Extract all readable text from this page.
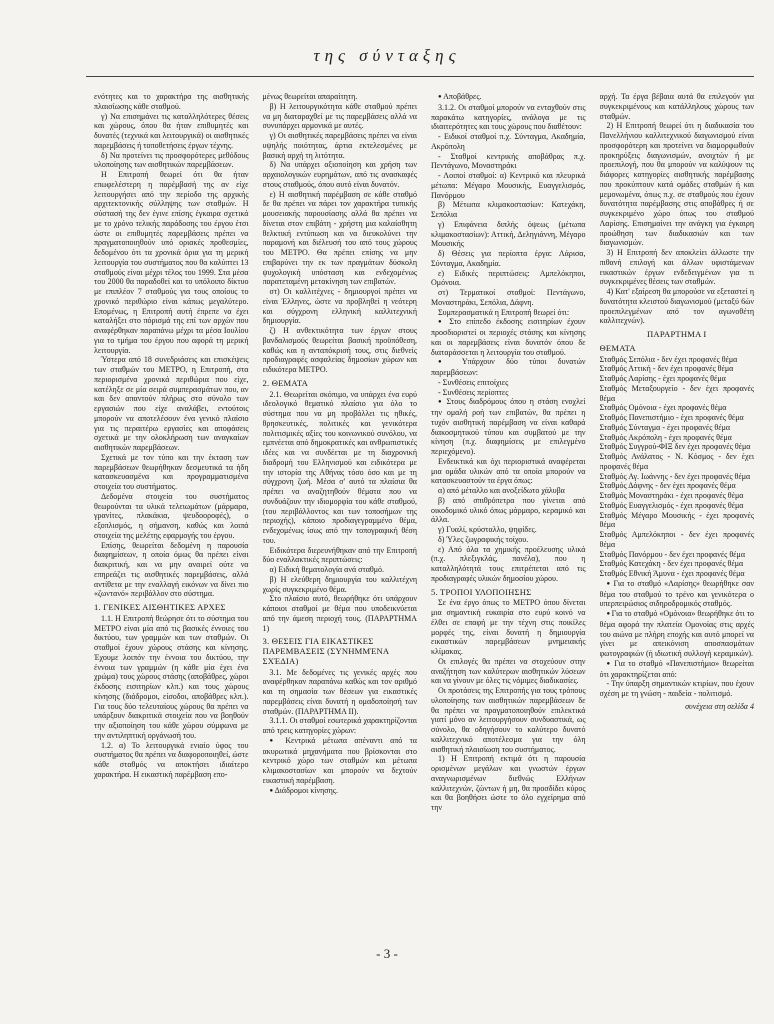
της σύνταξης

ενότητες και το χαρακτήρα της αισθητικής πλαισίωσης κάθε σταθμού.

γ) Να επισημάνει τις καταλληλότερες θέσεις και χώρους, όπου θα ήταν επιθυμητές και δυνατές (τεχνικά και λειτουργικά) οι αισθητικές παρεμβάσεις ή τοποθετήσεις έργων τέχνης.

δ) Να προτείνει τις προσφορότερες μεθόδους υλοποίησης των αισθητικών παρεμβάσεων.

Η Επιτροπή θεωρεί ότι θα ήταν επωφελέστερη η παρέμβασή της αν είχε λειτουργήσει από την περίοδο της αρχικής αρχιτεκτονικής σύλληψης των σταθμών. Η σύστασή της δεν έγινε επίσης έγκαιρα σχετικά με το χρόνο τελικής παράδοσης του έργου έτσι ώστε οι επιθυμητές παρεμβάσεις πρέπει να πραγματοποιηθούν υπό οριακές προθεσμίες, δεδομένου ότι τα χρονικά όρια για τη μερική λειτουργία του συστήματος που θα καλύπτει 13 σταθμούς είναι μέχρι τέλος του 1999. Στα μέσα του 2000 θα παραδοθεί και το υπόλοιπο δίκτυο με επιπλέον 7 σταθμούς για τους οποίους το χρονικό περιθώριο είναι κάπως μεγαλύτερο. Επομένως, η Επιτροπή αυτή έπρεπε να έχει καταλήξει στο πόρισμά της επί των αρχών που αναφέρθηκαν παραπάνω μέχρι τα μέσα Ιουλίου για το τμήμα του έργου που αφορά τη μερική λειτουργία.

Ύστερα από 18 συνεδριάσεις και επισκέψεις των σταθμών του ΜΕΤΡΟ, η Επιτροπή, στα περιορισμένα χρονικά περιθώρια που είχε, κατέληξε σε μία σειρά συμπερασμάτων που, αν και δεν απαντούν πλήρως στο σύνολο των εργασιών που είχε αναλάβει, εντούτοις μπορούν να αποτελέσουν ένα γενικό πλαίσιο για τις περαιτέρω εργασίες και αποφάσεις σχετικά με την ολοκλήρωση των αναγκαίων αισθητικών παρεμβάσεων.

Σχετικά με τον τύπο και την έκταση των παρεμβάσεων θεωρήθηκαν δεσμευτικά τα ήδη κατασκευασμένα και προγραμματισμένα στοιχεία του συστήματος.

Δεδομένα στοιχεία του συστήματος θεωρούνται τα υλικά τελειωμάτων (μάρμαρα, γρανίτες, πλακάκια, ψευδοοροφές), ο εξοπλισμός, η σήμανση, καθώς και λοιπά στοιχεία της μελέτης εφαρμογής του έργου.

Επίσης, θεωρείται δεδομένη η παρουσία διαφημίσεων, η οποία όμως θα πρέπει είναι διακριτική, και να μην αναιρεί ούτε να επηρεάζει τις αισθητικές παρεμβάσεις, αλλά αντίθετα με την εναλλαγή εικόνων να δίνει πιο «ζωντανό» περιβάλλον στο σύστημα.

1. ΓΕΝΙΚΕΣ ΑΙΣΘΗΤΙΚΕΣ ΑΡΧΕΣ

1.1. Η Επιτροπή θεώρησε ότι το σύστημα του ΜΕΤΡΟ είναι μία από τις βασικές έννοιες του δικτύου, των γραμμών και των σταθμών. Οι σταθμοί έχουν χώρους στάσης και κίνησης. Έχουμε λοιπόν την έννοια του δικτύου, την έννοια των γραμμών (η κάθε μία έχει ένα χρώμα) τους χώρους στάσης (αποβάθρες, χώροι έκδοσης εισιτηρίων κλπ.) και τους χώρους κίνησης (διάδρομοι, είσοδοι, αποβάθρες κλπ.). Για τους δύο τελευταίους χώρους θα πρέπει να υπάρξουν διακριτικά στοιχεία που να βοηθούν την αξιοποίηση του κάθε χώρου σύμφωνα με την αντιληπτική οργάνωσή του.

1.2. α) Το λειτουργικά ενιαίο ύφος του συστήματος θα πρέπει να διαφοροποιηθεί, ώστε κάθε σταθμός να αποκτήσει ιδιαίτερο χαρακτήρα. Η εικαστική παρέμβαση επο-

μένως θεωρείται απαραίτητη.

β) Η λειτουργικότητα κάθε σταθμού πρέπει να μη διαταραχθεί με τις παρεμβάσεις αλλά να συνυπάρχει αρμονικά με αυτές.

γ) Οι αισθητικές παρεμβάσεις πρέπει να είναι υψηλής ποιότητας, άρτια εκτελεσμένες με βασική αρχή τη λιτότητα.

δ) Να υπάρχει αξιοποίηση και χρήση των αρχαιολογικών ευρημάτων, από τις ανασκαφές στους σταθμούς, όπου αυτό είναι δυνατόν.

ε) Η αισθητική παρέμβαση σε κάθε σταθμό δε θα πρέπει να πάρει τον χαρακτήρα τυπικής μουσειακής παρουσίασης αλλά θα πρέπει να δίνεται στον επιβάτη - χρήστη μια καλαίσθητη θελκτική εντύπωση και να διευκολύνει την παραμονή και διέλευσή του από τους χώρους του ΜΕΤΡΟ. Θα πρέπει επίσης να μην επιβαρύνει την εκ των πραγμάτων δύσκολη ψυχολογική υπόσταση και ενδεχομένως παρατεταμένη μετακίνηση των επιβατών.

στ) Οι καλλιτέχνες - δημιουργοί πρέπει να είναι Έλληνες, ώστε να προβληθεί η νεότερη και σύγχρονη ελληνική καλλιτεχνική δημιουργία.

ζ) Η ανθεκτικότητα των έργων στους βανδαλισμούς θεωρείται βασική προϋπόθεση, καθώς και η ανταπόκρισή τους, στις διεθνείς προδιαγραφές ασφαλείας δημοσίων χώρων και ειδικότερα ΜΕΤΡΟ.

2. ΘΕΜΑΤΑ

2.1. Θεωρείται σκόπιμο, να υπάρχει ένα ευρύ ιδεολογικό θεματικό πλαίσιο για όλο το σύστημα που να μη προβάλλει τις ηθικές, θρησκευτικές, πολιτικές και γενικότερα πολιτισμικές αξίες του κοινωνικού συνόλου, να εμπνέεται από δημοκρατικές και ανθρωπιστικές ιδέες και να συνδέεται με τη διαχρονική διαδρομή του Ελληνισμού και ειδικότερα με την ιστορία της Αθήνας τόσο όσο και με τη σύγχρονη ζωή. Μέσα σ' αυτό τα πλαίσια θα πρέπει να αναζητηθούν θέματα που να συνδυάζουν την ιδιομορφία του κάθε σταθμού, (του περιβάλλοντος και των τοποσήμων της περιοχής), κάποιο προδιαγεγραμμένο θέμα, ενδεχομένως ίσως από την τοπογραφική θέση του.

Ειδικότερα διερευνήθηκαν από την Επιτροπή δύο εναλλακτικές περιπτώσεις:

α) Ειδική θεματολογία ανά σταθμό.

β) Η ελεύθερη δημιουργία του καλλιτέχνη χωρίς συγκεκριμένο θέμα.

Στο πλαίσιο αυτό, θεωρήθηκε ότι υπάρχουν κάποιοι σταθμοί με θέμα που υποδεικνύεται από την άμεση περιοχή τους. (ΠΑΡΑΡΤΗΜΑ 1)

3. ΘΕΣΕΙΣ ΓΙΑ ΕΙΚΑΣΤΙΚΕΣ ΠΑΡΕΜΒΑΣΕΙΣ (ΣΥΝΗΜΜΈΝΑ ΣΧΈΔΙΑ)

3.1. Με δεδομένες τις γενικές αρχές που αναφέρθηκαν παραπάνω καθώς και τον αριθμό και τη σημασία των θέσεων για εικαστικές παρεμβάσεις είναι δυνατή η ομαδοποίησή των σταθμών. (ΠΑΡΑΡΤΗΜΑ ΙΙ).

3.1.1. Οι σταθμοί εσωτερικά χαρακτηρίζονται από τρεις κατηγορίες χώρων:

● Κεντρικά μέτωπα απέναντι από τα ακυρωτικά μηχανήματα που βρίσκονται στο κεντρικό χώρο των σταθμών και μέτωπα κλιμακοστασίων και μπορούν να δεχτούν εικαστική παρέμβαση.

● Διάδρομοι κίνησης.

● Αποβάθρες.

3.1.2. Οι σταθμοί μπορούν να ενταχθούν στις παρακάτω κατηγορίες, ανάλογα με τις ιδιαιτερότητες και τους χώρους που διαθέτουν:

- Ειδικοί σταθμοί π.χ. Σύνταγμα, Ακαδημία, Ακρόπολη

- Σταθμοί κεντρικής αποβάθρας π.χ. Πεντάγωνο, Μοναστηράκι

- Λοιποί σταθμοί: α) Κεντρικό και πλευρικά μέτωπα: Μέγαρο Μουσικής, Ευαγγελισμός, Πανόρμου

β) Μέτωπα κλιμακοστασίων: Κατεχάκη, Σεπόλια

γ) Επιφάνεια διπλής όψεως (μέτωπα κλιμακοστασίων): Αττική, Δεληγιάννη, Μέγαρο Μουσικής

δ) Θέσεις για περίοπτα έργα: Λάρισα, Σύνταγμα, Ακαδημία.

ε) Ειδικές περιπτώσεις: Αμπελόκηποι, Ομόνοια.

στ) Τερματικοί σταθμοί: Πεντάγωνο, Μοναστηράκι, Σεπόλια, Δάφνη.

Συμπερασματικά η Επιτροπή θεωρεί ότι:

● Στο επίπεδο έκδοσης εισιτηρίων έχουν προσδιοριστεί οι περιοχές στάσης και κίνησης και οι παρεμβάσεις είναι δυνατόν όπου δε διαταράσσεται η λειτουργία του σταθμού.

● Υπάρχουν δύο τύποι δυνατών παρεμβάσεων:

- Συνθέσεις επιτοίχιες

- Συνθέσεις περίοπτες

● Στους διαδρόμους όπου η στάση ενοχλεί την ομαλή ροή των επιβατών, θα πρέπει η τυχόν αισθητική παρέμβαση να είναι καθαρά διακοσμητικού τύπου και συμβατού με την κίνηση (π.χ. διαφημίσεις με επιλεγμένο περιεχόμενο).

Ενδεικτικά και όχι περιοριστικά αναφέρεται μια ομάδα υλικών από τα οποία μπορούν να κατασκευαστούν τα έργα όπως:

α) από μέταλλο και ανοξείδωτο χάλυβα

β) από σπιθρόπετρα που γίνεται από οικοδομικό υλικό όπως μάρμαρο, κεραμικό και άλλα.

γ) Γυαλί, κρύσταλλο, ψηφίδες.

δ) Ύλες ζωγραφικής τοίχου.

ε) Από όλα τα χημικής προέλευσης υλικά (π.χ. πλεξιγκλάς, πανέλα), που η καταλληλότητά τους επιτρέπεται από τις προδιαγραφές υλικών δημοσίου χώρου.

5. ΤΡΟΠΟΙ ΥΛΟΠΟΙΗΣΗΣ

Σε ένα έργο όπως το ΜΕΤΡΟ όπου δίνεται μια σημαντική ευκαιρία στο ευρύ κοινό να έλθει σε επαφή με την τέχνη στις ποικίλες μορφές της, είναι δυνατή η δημιουργία εικαστικών παρεμβάσεων μνημειακής κλίμακας.

Οι επιλογές θα πρέπει να στοχεύουν στην αναζήτηση των καλύτερων αισθητικών λύσεων και να γίνουν με όλες τις νόμιμες διαδικασίες.

Οι προτάσεις της Επιτροπής για τους τρόπους υλοποίησης των αισθητικών παρεμβάσεων δε θα πρέπει να πραγματοποιηθούν επιλεκτικά γιατί μόνο αν λειτουργήσουν συνδυαστικά, ως σύνολο, θα οδηγήσουν το καλύτερο δυνατό καλλιτεχνικό αποτέλεσμα για την όλη αισθητική πλαισίωση του συστήματος.

1) Η Επιτροπή εκτιμά ότι η παρουσία ορισμένων μεγάλων και γνωστών έργων αναγνωρισμένων διεθνώς Ελλήνων καλλιτεχνών, ζώντων ή μη, θα προσδίδει κύρος και θα βοηθήσει ώστε το όλο εγχείρημα από την

αρχή. Τα έργα βέβαια αυτά θα επιλεγούν για συγκεκριμένους και κατάλληλους χώρους των σταθμών.

2) Η Επιτροπή θεωρεί ότι η διαδικασία του Πανελλήνιου καλλιτεχνικού διαγωνισμού είναι προσφορότερη και προτείνει να διαμορφωθούν προκηρύξεις διαγωνισμών, ανοιχτών ή με προεπιλογή, που θα μπορούν να καλύψουν τις διάφορες κατηγορίες αισθητικής παρέμβασης που προκύπτουν κατά ομάδες σταθμών ή και μεμονωμένα, όπως π.χ. σε σταθμούς που έχουν δυνατότητα παρέμβασης στις αποβάθρες ή σε συγκεκριμένο χώρο όπως του σταθμού Λαρίσης. Επισημαίνει την ανάγκη για έγκαιρη προώθηση των διαδικασιών και των διαγωνισμών.

3) Η Επιτροπή δεν αποκλείει άλλωστε την πιθανή επιλογή και άλλων υφιστάμενων εικαστικών έργων ενδεδειγμένων για τι συγκεκριμένες θέσεις των σταθμών.

4) Κατ' εξαίρεση θα μπορούσε να εξεταστεί η δυνατότητα κλειστού διαγωνισμού (μεταξύ 6ών προεπιλεγμένων από τον αγωνοθέτη καλλιτεχνών).

ΠΑΡΑΡΤΗΜΑ Ι
ΘΕΜΑΤΑ

Σταθμός Σεπόλια - δεν έχει προφανές θέμα

Σταθμός Αττική - δεν έχει προφανές θέμα

Σταθμός Λαρίσης - έχει προφανές θέμα

Σταθμός Μεταξουργείο - δεν έχει προφανές θέμα

Σταθμός Ομόνοια - έχει προφανές θέμα

Σταθμός Πανεπιστήμιο - έχει προφανές θέμα

Σταθμός Σύνταγμα - έχει προφανές θέμα

Σταθμός Ακρόπολη - έχει προφανές θέμα

Σταθμός Συγγρού-ΦΙΞ δεν έχει προφανές θέμα

Σταθμός Ανάλατος - Ν. Κόσμος - δεν έχει προφανές θέμα

Σταθμός Αγ. Ιωάννης - δεν έχει προφανές θέμα

Σταθμός Δάφνης - δεν έχει προφανές θέμα

Σταθμός Μοναστηράκι - έχει προφανές θέμα

Σταθμός Ευαγγελισμός - έχει προφανές θέμα

Σταθμός Μέγαρο Μουσικής - έχει προφανές θέμα

Σταθμός Αμπελόκηποι - δεν έχει προφανές θέμα

Σταθμός Πανόρμου - δεν έχει προφανές θέμα

Σταθμός Κατεχάκη - δεν έχει προφανές θέμα

Σταθμός Εθνική Άμυνα - έχει προφανές θέμα

● Για το σταθμό «Λαρίσης» θεωρήθηκε σαν θέμα του σταθμού το τρένο και γενικότερα ο υπερπειρώσιος σιδηροδρομικός σταθμός.

● Για το σταθμό «Ομόνοια» θεωρήθηκε ότι το θέμα αφορά την πλατεία Ομονοίας στις αρχές του αιώνα με πλήρη εποχής και αυτό μπορεί να γίνει με απεικόνιση αποσπασμάτων φωτογραφιών (ή ιδιωτική συλλογή κεραμικών).

● Για το σταθμό «Πανεπιστήμιο» θεωρείται ότι χαρακτηρίζεται από:

- Την ύπαρξη σημαντικών κτιρίων, που έχουν σχέση με τη γνώση - παιδεία - πολιτισμό.

συνέχεια στη σελίδα 4

- 3 -
